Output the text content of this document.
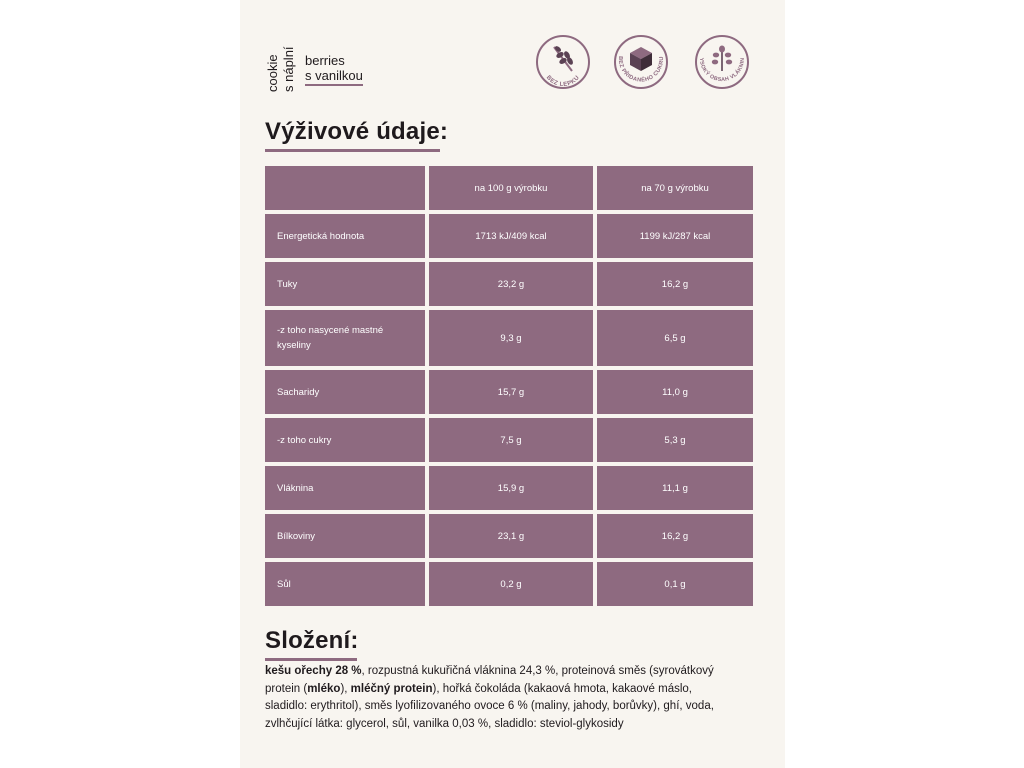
cookie s náplní berries
s vanilkou	BEZ LEPKU
BEZ PŘIDANÉHO CUKRU	YSOKÝ OBSAH VLÁKNIN
Výživové údaje:
	na 100 g výrobku	na 70 g výrobku
Energetická hodnota	1713 kJ/409 kcal	1199 kJ/287 kcal
Tuky	23,2 g	16,2 g
-z toho nasycené mastné kyseliny	9,3 g	6,5 g
Sacharidy	15,7 g	11,0 g
-z toho cukry	7,5 g	5,3 g
Vláknina	15,9 g	11,1 g
Bílkoviny	23,1 g	16,2 g
Sůl	0,2 g	0,1 g
Složení:
kešu ořechy 28 %, rozpustná kukuřičná vláknina 24,3 %, proteinová směs (syrovátkový protein (mléko), mléčný protein), hořká čokoláda (kakaová hmota, kakaové máslo, sladidlo: erythritol), směs lyofilizovaného ovoce 6 % (maliny, jahody, borůvky), ghí, voda, zvlhčující látka: glycerol, sůl, vanilka 0,03 %, sladidlo: steviol-glykosidy
